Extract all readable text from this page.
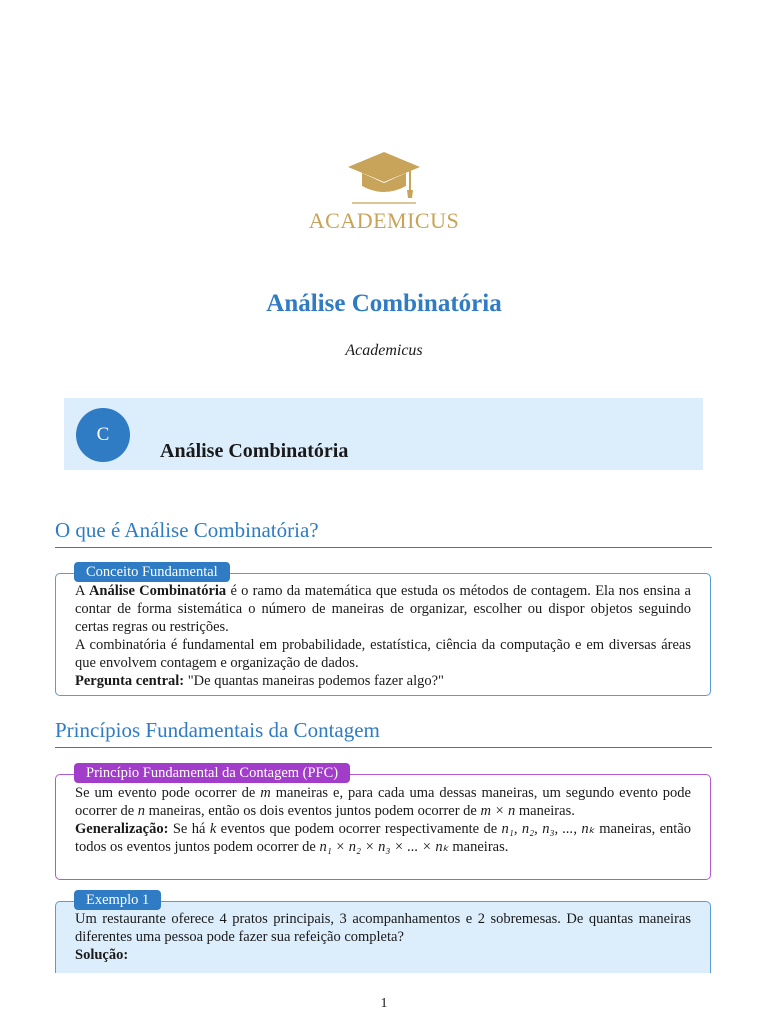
ACADEMICUS
Análise Combinatória
Academicus
C
Análise Combinatória
O que é Análise Combinatória?
Conceito Fundamental

A Análise Combinatória é o ramo da matemática que estuda os métodos de contagem. Ela nos ensina a contar de forma sistemática o número de maneiras de organizar, escolher ou dispor objetos seguindo certas regras ou restrições.

A combinatória é fundamental em probabilidade, estatística, ciência da computação e em diversas áreas que envolvem contagem e organização de dados.

Pergunta central: "De quantas maneiras podemos fazer algo?"

Princípios Fundamentais da Contagem
Princípio Fundamental da Contagem (PFC)

Se um evento pode ocorrer de m maneiras e, para cada uma dessas maneiras, um segundo evento pode ocorrer de n maneiras, então os dois eventos juntos podem ocorrer de m × n maneiras.

Generalização: Se há k eventos que podem ocorrer respectivamente de n₁, n₂, n₃, ..., nₖ maneiras, então todos os eventos juntos podem ocorrer de n₁ × n₂ × n₃ × ... × nₖ maneiras.

Exemplo 1

Um restaurante oferece 4 pratos principais, 3 acompanhamentos e 2 sobremesas. De quantas maneiras diferentes uma pessoa pode fazer sua refeição completa?

Solução:

1
